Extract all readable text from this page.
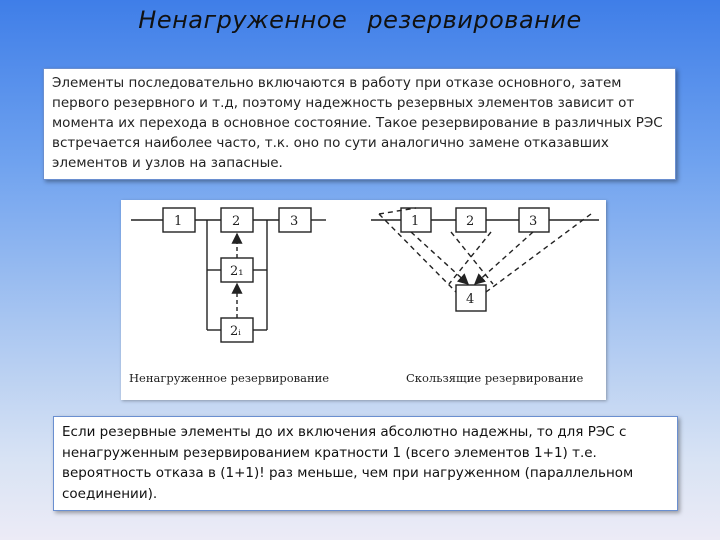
Ненагруженное резервирование
Элементы последовательно включаются в работу при отказе основного, затем первого резервного и т.д, поэтому надежность резервных элементов зависит от момента их перехода в основное состояние. Такое резервирование в различных РЭС встречается наиболее часто, т.к. оно по сути аналогично замене отказавших элементов и узлов на запасные.
1	2	3
2₁
2ᵢ
1	2	3
4
Ненагруженное резервирование	Скользящие резервирование
Если резервные элементы до их включения абсолютно надежны, то для РЭС с ненагруженным резервированием кратности 1 (всего элементов 1+1) т.е. вероятность отказа в (1+1)! раз меньше, чем при нагруженном (параллельном соединении).
